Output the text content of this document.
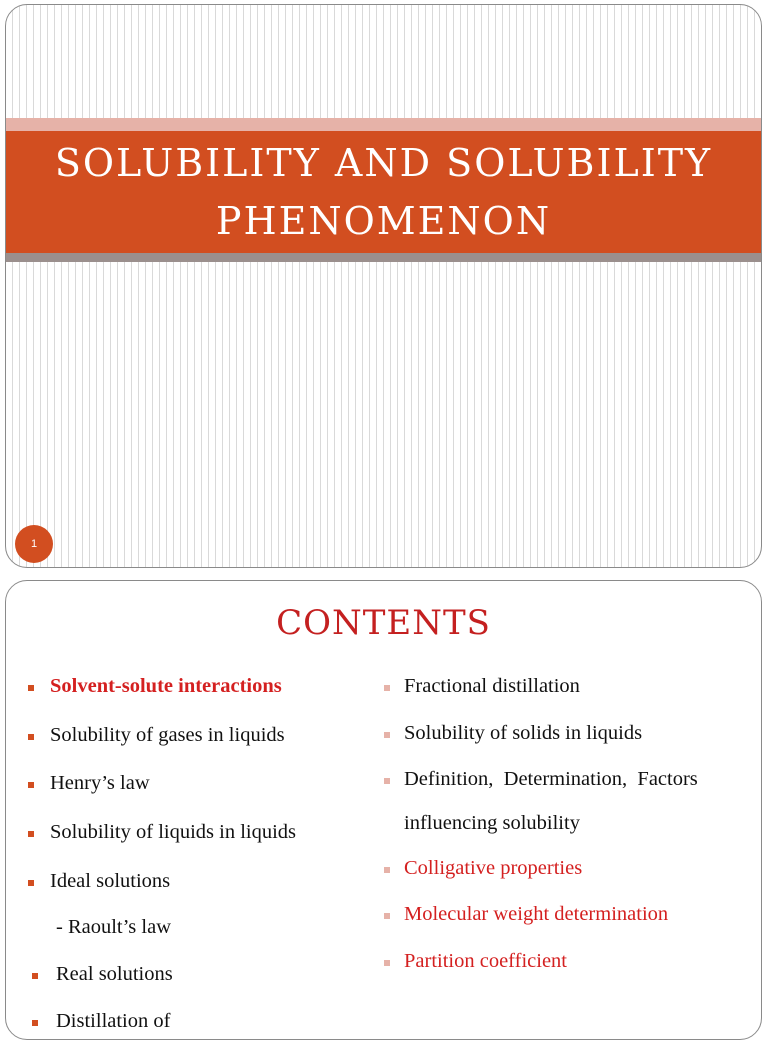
SOLUBILITY AND SOLUBILITY
PHENOMENON
1
CONTENTS
Solvent-solute interactions
Solubility of gases in liquids
Henry’s law
Solubility of liquids in liquids
Ideal solutions
- Raoult’s law
Real solutions
Distillation of
Fractional distillation
Solubility of solids in liquids
Definition,  Determination,  Factors
influencing solubility
Colligative properties
Molecular weight determination
Partition coefficient
